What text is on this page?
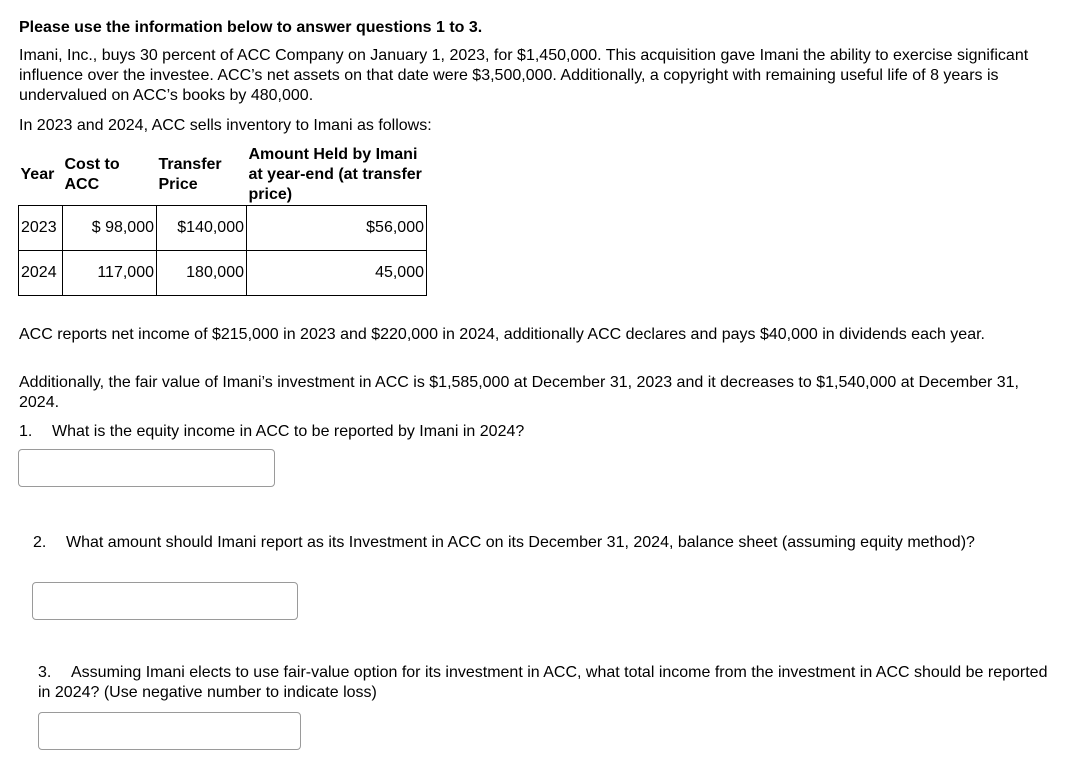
Please use the information below to answer questions 1 to 3.
Imani, Inc., buys 30 percent of ACC Company on January 1, 2023, for $1,450,000. This acquisition gave Imani the ability to exercise significant influence over the investee. ACC’s net assets on that date were $3,500,000. Additionally, a copyright with remaining useful life of 8 years is undervalued on ACC’s books by 480,000.
In 2023 and 2024, ACC sells inventory to Imani as follows:
Year	Cost to ACC	Transfer Price	Amount Held by Imani at year-end (at transfer price)
2023	$ 98,000	$140,000	$56,000
2024	117,000	180,000	45,000
ACC reports net income of $215,000 in 2023 and $220,000 in 2024, additionally ACC declares and pays $40,000 in dividends each year.
Additionally, the fair value of Imani’s investment in ACC is $1,585,000 at December 31, 2023 and it decreases to $1,540,000 at December 31, 2024.
1. What is the equity income in ACC to be reported by Imani in 2024?
2. What amount should Imani report as its Investment in ACC on its December 31, 2024, balance sheet (assuming equity method)?
3. Assuming Imani elects to use fair-value option for its investment in ACC, what total income from the investment in ACC should be reported in 2024? (Use negative number to indicate loss)
